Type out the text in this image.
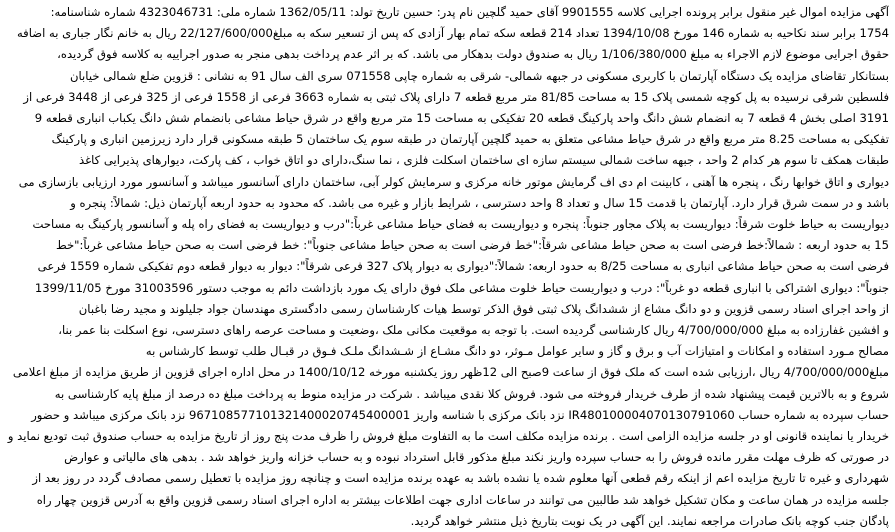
آگهی مزایده اموال غیر منقول برابر پرونده اجرایی کلاسه 9901555 آقای حمید گلچین نام پدر: حسین تاریخ تولد: 1362/05/11 شماره ملی: 4323046731 شماره شناسنامه:
1754 برابر سند نکاحیه به شماره 146 مورخ 1394/10/08 تعداد 214 قطعه سکه تمام بهار آزادی که پس از تسعیر سکه به مبلغ22/127/600/000 ریال به خانم نگار جباری به اضافه
حقوق اجرایی موضوع لازم الاجراء به مبلغ 1/106/380/000 ریال به صندوق دولت بدهکار می باشد. که بر اثر عدم پرداخت بدهی منجر به صدور اجراییه به کلاسه فوق گردیده،
بستانکار تقاضای مزایده یک دستگاه آپارتمان با کاربری مسکونی در جبهه شمالی- شرقی به شماره چاپی 071558 سری الف سال 91 به نشانی : قزوین ضلع شمالی خیابان
فلسطین شرقی نرسیده به پل کوچه شمسی پلاک 15 به مساحت 81/85 متر مربع قطعه 7 دارای پلاک ثبتی به شماره 3663 فرعی از 1558 فرعی از 325 فرعی از 3448 فرعی از
3191 اصلی بخش 4 قطعه 7 به انضمام شش دانگ واحد پارکینگ قطعه 20 تفکیکی به مساحت 15 متر مربع واقع در شرق حیاط مشاعی بانضمام شش دانگ یکباب انباری قطعه 9
تفکیکی به مساحت 8.25 متر مربع واقع در شرق حیاط مشاعی متعلق به حمید گلچین آپارتمان در طبقه سوم یک ساختمان 5 طبقه مسکونی قرار دارد زیرزمین انباری و پارکینگ
طبقات همکف تا سوم هر کدام 2 واحد ، جبهه ساخت شمالی سیستم سازه ای ساختمان اسکلت فلزی ، نما سنگ،دارای دو اتاق خواب ، کف پارکت، دیوارهای پذیرایی کاغذ
دیواری و اتاق خوابها رنگ ، پنجره ها آهنی ، کابینت ام دی اف گرمایش موتور خانه مرکزی و سرمایش کولر آبی، ساختمان دارای آسانسور میباشد و آسانسور مورد ارزیابی بازسازی می
باشد و در سمت شرق قرار دارد. آپارتمان با قدمت 15 سال و تعداد 8 واحد دسترسی ، شرایط بازار و غیره می باشد. که محدود به حدود اربعه آپارتمان ذیل: شمالاً: پنجره و
دیواریست به حیاط خلوت شرقاً: دیواریست به پلاک مجاور جنوباً: پنجره و دیواریست به فضای حیاط مشاعی غرباً:"درب و دیواریست به فضای راه پله و آسانسور پارکینگ به مساحت
15 به حدود اربعه : شمالاً:خط فرضی است به صحن حیاط مشاعی شرقاً:"خط فرضی است به صحن حیاط مشاعی جنوباً": خط فرضی است به صحن حیاط مشاعی غرباً:"خط
فرضی است به صحن حیاط مشاعی انباری به مساحت 8/25 به حدود اربعه: شمالاً:"دیواری به دیوار پلاک 327 فرعی شرقاً": دیوار به دیوار قطعه دوم تفکیکی شماره 1559 فرعی
جنوباً": دیواری اشتراکی با انباری قطعه دو غرباً": درب و دیواریست حیاط خلوت مشاعی ملک فوق دارای یک مورد بازداشت دائم به موجب دستور 31003596 مورخ 1399/11/05
از واحد اجرای اسناد رسمی قزوین و دو دانگ مشاع از ششدانگ پلاک ثبتی فوق الذکر توسط هیات کارشناسان رسمی دادگستری مهندسان جواد جلیلوند و مجید رضا باغبان
و افشین غفارزاده به مبلغ 4/700/000/000 ریال کارشناسی گردیده است. با توجه به موقعیت مکانی ملک ،وضعیت و مساحت عرصه راهای دسترسی، نوع اسکلت بنا عمر بنا،
مصالح مـورد استفاده و امکانات و امتیازات آب و برق و گاز و سایر عوامل مـوثر، دو دانگ مشـاع از شـشدانگ ملـک فـوق در قبـال طلب توسط کارشناس به
مبلغ4/700/000/000 ریال ،ارزیابی شده است که ملک فوق از ساعت 9صبح الی 12ظهر روز یکشنبه مورخه 1400/10/12 در محل اداره اجرای قزوین از طریق مزایده از مبلغ اعلامی
شروع و به بالاترین قیمت پیشنهاد شده از طرف خریدار فروخته می شود. فروش کلا نقدی میباشد . شرکت در مزایده منوط به پرداخت مبلغ ده درصد از مبلغ پایه کارشناسی به
حساب سپرده به شماره حساب IR480100004070130791060 نزد بانک مرکزی با شناسه واریز 967108577101321400020745400001 نزد بانک مرکزی میباشد و حضور
خریدار یا نماینده قانونی او در جلسه مزایده الزامی است . برنده مزایده مکلف است ما به التفاوت مبلغ فروش را ظرف مدت پنج روز از تاریخ مزایده به حساب صندوق ثبت تودیع نماید و
در صورتی که ظرف مهلت مقرر مانده فروش را به حساب سپرده واریز نکند مبلغ مذکور قابل استرداد نبوده و به حساب خزانه واریز خواهد شد . بدهی های مالیاتی و عوارض
شهرداری و غیره تا تاریخ مزایده اعم از اینکه رقم قطعی آنها معلوم شده یا نشده باشد به عهده برنده مزایده است و چنانچه روز مزایده با تعطیل رسمی مصادف گردد در روز بعد از
جلسه مزایده در همان ساعت و مکان تشکیل خواهد شد طالبین می توانند در ساعات اداری جهت اطلاعات بیشتر به اداره اجرای اسناد رسمی قزوین واقع به آدرس قزوین چهار راه
پادگان جنب کوچه بانک صادرات مراجعه نمایند. این آگهی در یک نوبت بتاریخ ذیل منتشر خواهد گردید.
